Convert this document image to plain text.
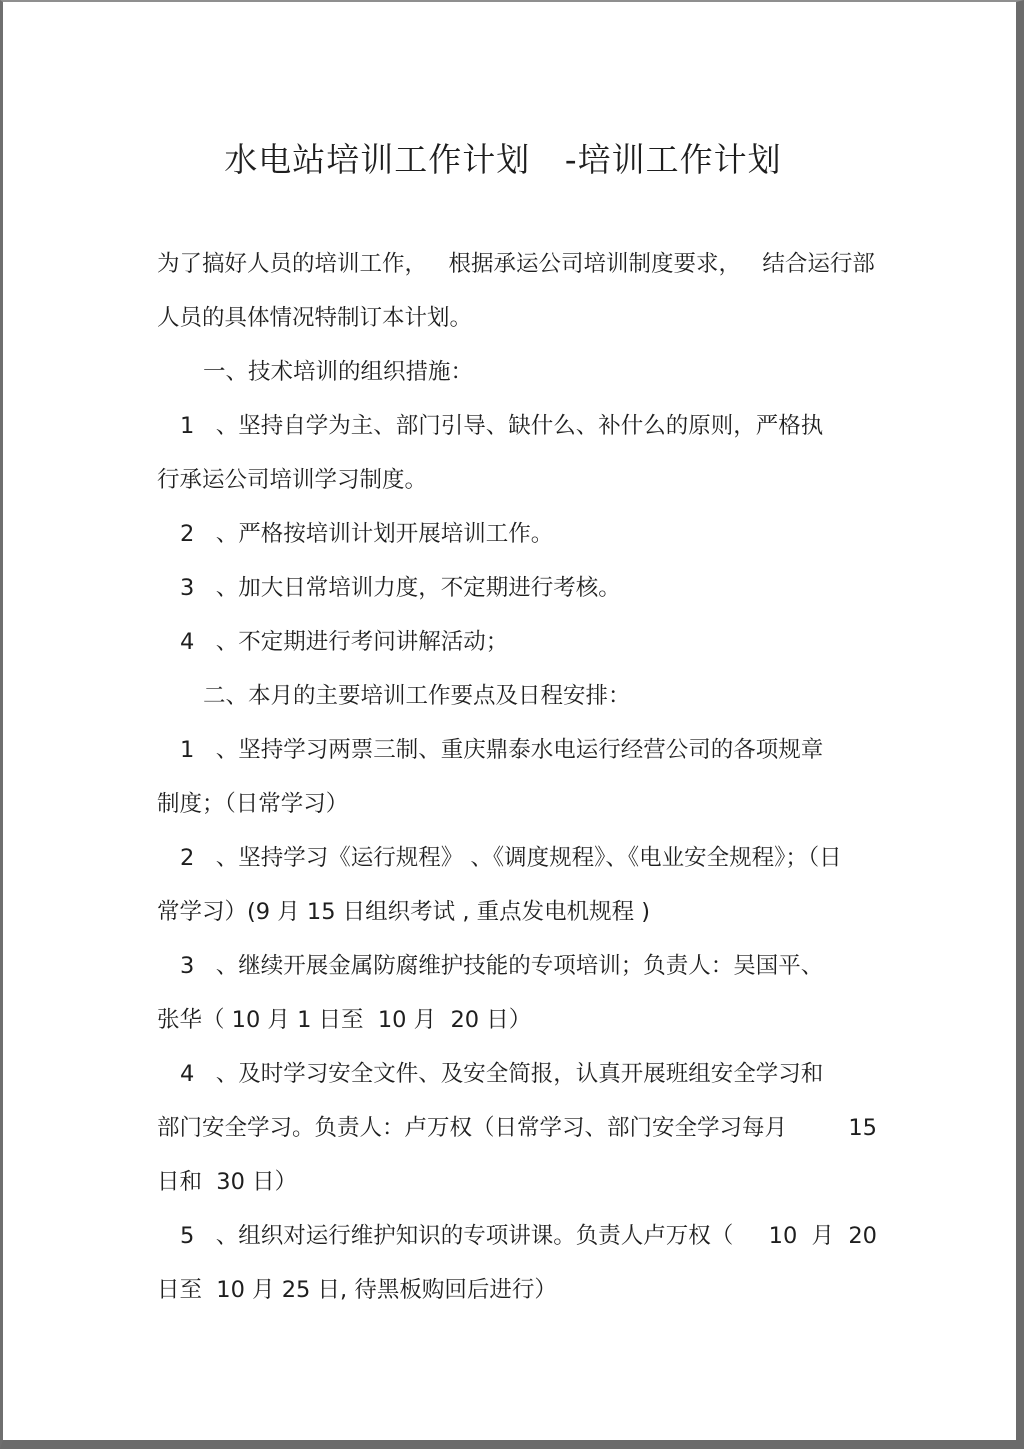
水电站培训工作计划   -培训工作计划

为了搞好人员的培训工作，   根据承运公司培训制度要求，   结合运行部

人员的具体情况特制订本计划。

一、技术培训的组织措施：

1   、坚持自学为主、部门引导、缺什么、补什么的原则，严格执

行承运公司培训学习制度。

2   、严格按培训计划开展培训工作。

3   、加大日常培训力度，不定期进行考核。

4   、不定期进行考问讲解活动；

二、本月的主要培训工作要点及日程安排：

1   、坚持学习两票三制、重庆鼎泰水电运行经营公司的各项规章

制度；（日常学习）

2   、坚持学习《运行规程》 、《调度规程》、《电业安全规程》；（日

常学习）(9 月 15 日组织考试 , 重点发电机规程 )

3   、继续开展金属防腐维护技能的专项培训；负责人：吴国平、

张华（ 10 月 1 日至  10 月  20 日）

4   、及时学习安全文件、及安全简报，认真开展班组安全学习和

部门安全学习。负责人：卢万权（日常学习、部门安全学习每月	15

日和  30 日）

5   、组织对运行维护知识的专项讲课。负责人卢万权（ 10  月  20

日至  10 月 25 日, 待黑板购回后进行）
